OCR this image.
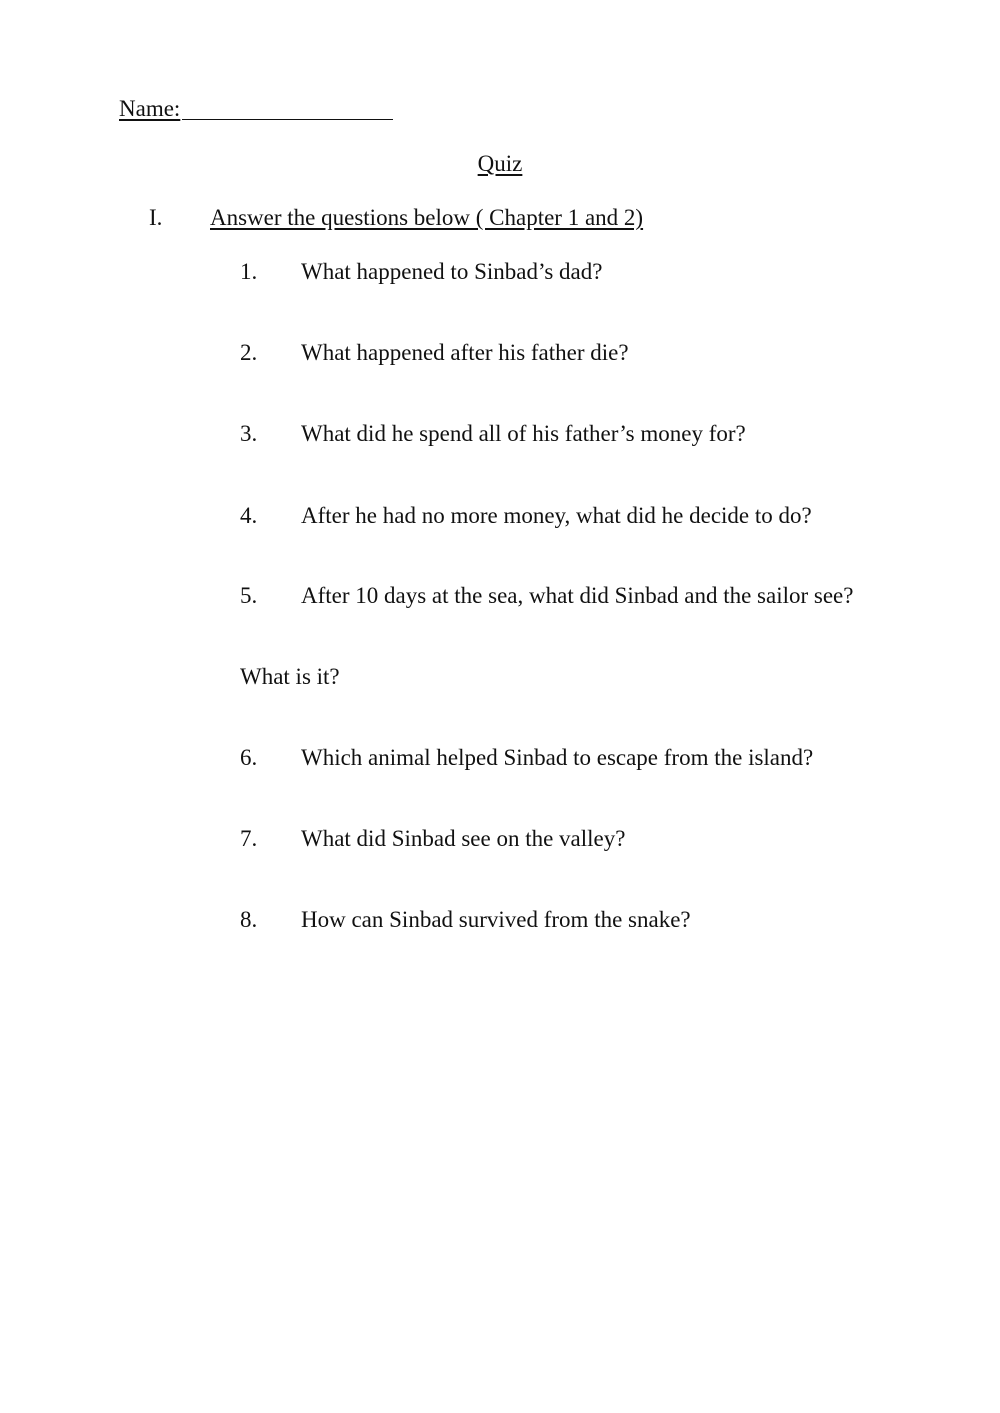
Name:
Quiz
I. Answer the questions below ( Chapter 1 and 2)
1. What happened to Sinbad’s dad?
2. What happened after his father die?
3. What did he spend all of his father’s money for?
4. After he had no more money, what did he decide to do?
5. After 10 days at the sea, what did Sinbad and the sailor see?
What is it?
6. Which animal helped Sinbad to escape from the island?
7. What did Sinbad see on the valley?
8. How can Sinbad survived from the snake?
